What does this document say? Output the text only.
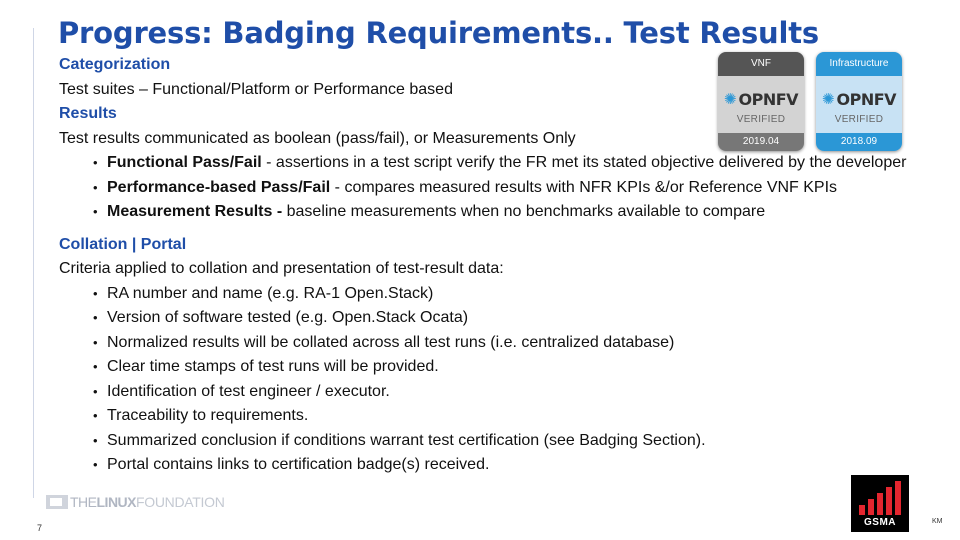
Progress: Badging Requirements.. Test Results
Categorization
Test suites – Functional/Platform or Performance based
Results
Test results communicated as boolean (pass/fail), or Measurements Only
• Functional Pass/Fail - assertions in a test script verify the FR met its stated objective delivered by the developer
• Performance-based Pass/Fail - compares measured results with NFR KPIs &/or Reference VNF KPIs
• Measurement Results - baseline measurements when no benchmarks available to compare
Collation | Portal
Criteria applied to collation and presentation of test-result data:
• RA number and name (e.g. RA-1 Open.Stack)
• Version of software tested (e.g. Open.Stack Ocata)
• Normalized results will be collated across all test runs (i.e. centralized database)
• Clear time stamps of test runs will be provided.
• Identification of test engineer / executor.
• Traceability to requirements.
• Summarized conclusion if conditions warrant test certification (see Badging Section).
• Portal contains links to certification badge(s) received.
VNF
✺ OPNFV
VERIFIED
2019.04
Infrastructure
✺ OPNFV
VERIFIED
2018.09
THE LINUX FOUNDATION
GSMA
7
KM
